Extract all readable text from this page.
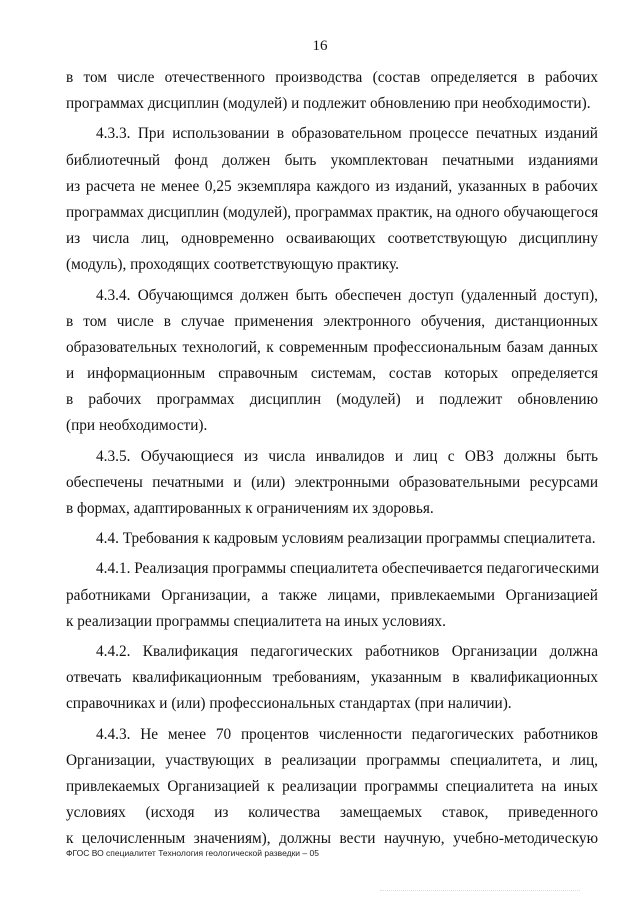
16
в том числе отечественного производства (состав определяется в рабочих
программах дисциплин (модулей) и подлежит обновлению при необходимости).
4.3.3. При использовании в образовательном процессе печатных изданий
библиотечный фонд должен быть укомплектован печатными изданиями
из расчета не менее 0,25 экземпляра каждого из изданий, указанных в рабочих
программах дисциплин (модулей), программах практик, на одного обучающегося
из числа лиц, одновременно осваивающих соответствующую дисциплину
(модуль), проходящих соответствующую практику.
4.3.4. Обучающимся должен быть обеспечен доступ (удаленный доступ),
в том числе в случае применения электронного обучения, дистанционных
образовательных технологий, к современным профессиональным базам данных
и информационным справочным системам, состав которых определяется
в рабочих программах дисциплин (модулей) и подлежит обновлению
(при необходимости).
4.3.5. Обучающиеся из числа инвалидов и лиц с ОВЗ должны быть
обеспечены печатными и (или) электронными образовательными ресурсами
в формах, адаптированных к ограничениям их здоровья.
4.4. Требования к кадровым условиям реализации программы специалитета.
4.4.1. Реализация программы специалитета обеспечивается педагогическими
работниками Организации, а также лицами, привлекаемыми Организацией
к реализации программы специалитета на иных условиях.
4.4.2. Квалификация педагогических работников Организации должна
отвечать квалификационным требованиям, указанным в квалификационных
справочниках и (или) профессиональных стандартах (при наличии).
4.4.3. Не менее 70 процентов численности педагогических работников
Организации, участвующих в реализации программы специалитета, и лиц,
привлекаемых Организацией к реализации программы специалитета на иных
условиях (исходя из количества замещаемых ставок, приведенного
к целочисленным значениям), должны вести научную, учебно-методическую
ФГОС ВО специалитет Технология геологической разведки – 05
